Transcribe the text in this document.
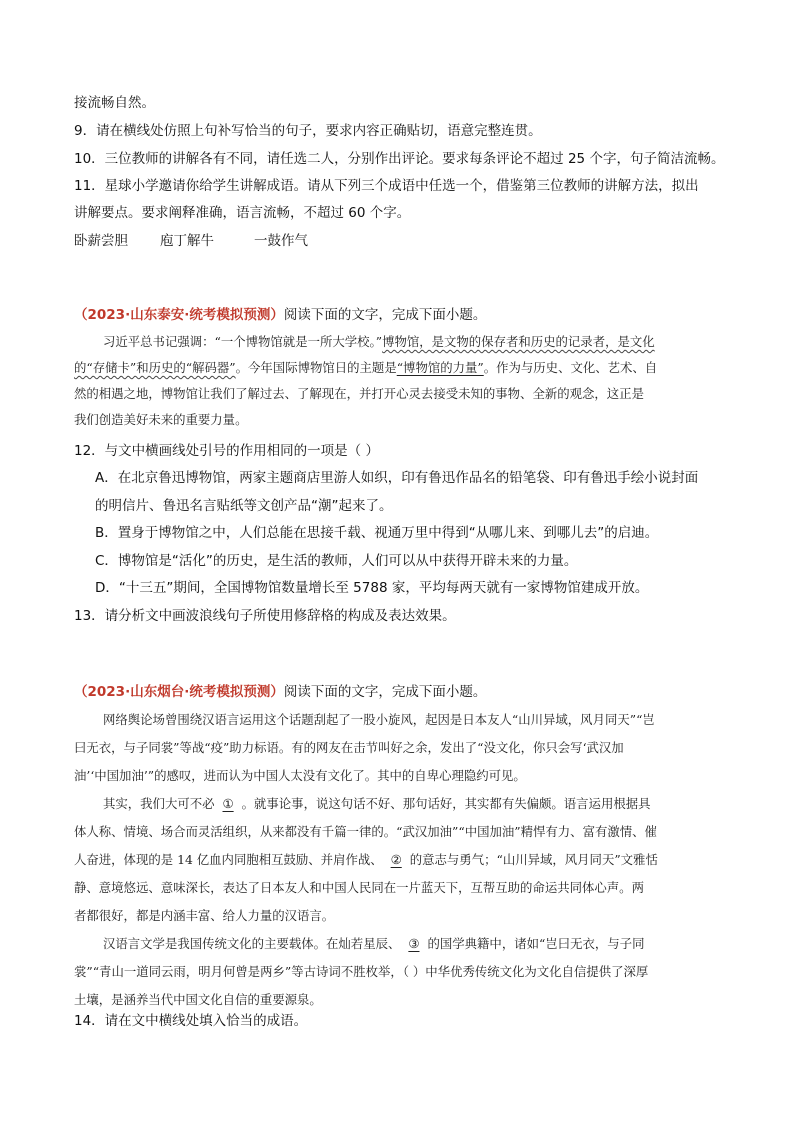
接流畅自然。
9．请在横线处仿照上句补写恰当的句子，要求内容正确贴切，语意完整连贯。
10．三位教师的讲解各有不同，请任选二人，分别作出评论。要求每条评论不超过 25 个字，句子简洁流畅。
11．星球小学邀请你给学生讲解成语。请从下列三个成语中任选一个，借鉴第三位教师的讲解方法，拟出
讲解要点。要求阐释准确，语言流畅，不超过 60 个字。
卧薪尝胆 庖丁解牛	一鼓作气
（2023·山东泰安·统考模拟预测）阅读下面的文字，完成下面小题。
习近平总书记强调：“一个博物馆就是一所大学校。”博物馆，是文物的保存者和历史的记录者，是文化
的“存储卡”和历史的“解码器”。今年国际博物馆日的主题是“博物馆的力量”。作为与历史、文化、艺术、自
然的相遇之地，博物馆让我们了解过去、了解现在，并打开心灵去接受未知的事物、全新的观念，这正是
我们创造美好未来的重要力量。
12．与文中横画线处引号的作用相同的一项是（ ）
A．在北京鲁迅博物馆，两家主题商店里游人如织，印有鲁迅作品名的铅笔袋、印有鲁迅手绘小说封面
的明信片、鲁迅名言贴纸等文创产品“潮”起来了。
B．置身于博物馆之中，人们总能在思接千载、视通万里中得到“从哪儿来、到哪儿去”的启迪。
C．博物馆是“活化”的历史，是生活的教师，人们可以从中获得开辟未来的力量。
D．“十三五”期间，全国博物馆数量增长至 5788 家，平均每两天就有一家博物馆建成开放。
13．请分析文中画波浪线句子所使用修辞格的构成及表达效果。
（2023·山东烟台·统考模拟预测）阅读下面的文字，完成下面小题。
网络舆论场曾围绕汉语言运用这个话题刮起了一股小旋风，起因是日本友人“山川异域，风月同天”“岂
曰无衣，与子同裳”等战“疫”助力标语。有的网友在击节叫好之余，发出了“没文化，你只会写‘武汉加
油’‘中国加油’”的感叹，进而认为中国人太没有文化了。其中的自卑心理隐约可见。
其实，我们大可不必 ① 。就事论事，说这句话不好、那句话好，其实都有失偏颇。语言运用根据具
体人称、情境、场合而灵活组织，从来都没有千篇一律的。“武汉加油”“中国加油”精悍有力、富有激情、催
人奋进，体现的是 14 亿血内同胞相互鼓励、并肩作战、 ② 的意志与勇气；“山川异域，风月同天”文雅恬
静、意境悠远、意味深长，表达了日本友人和中国人民同在一片蓝天下，互帮互助的命运共同体心声。两
者都很好，都是内涵丰富、给人力量的汉语言。
汉语言文学是我国传统文化的主要载体。在灿若星辰、 ③ 的国学典籍中，诸如“岂曰无衣，与子同
裳”“青山一道同云雨，明月何曾是两乡”等古诗词不胜枚举，（ ）中华优秀传统文化为文化自信提供了深厚
土壤，是涵养当代中国文化自信的重要源泉。
14．请在文中横线处填入恰当的成语。
